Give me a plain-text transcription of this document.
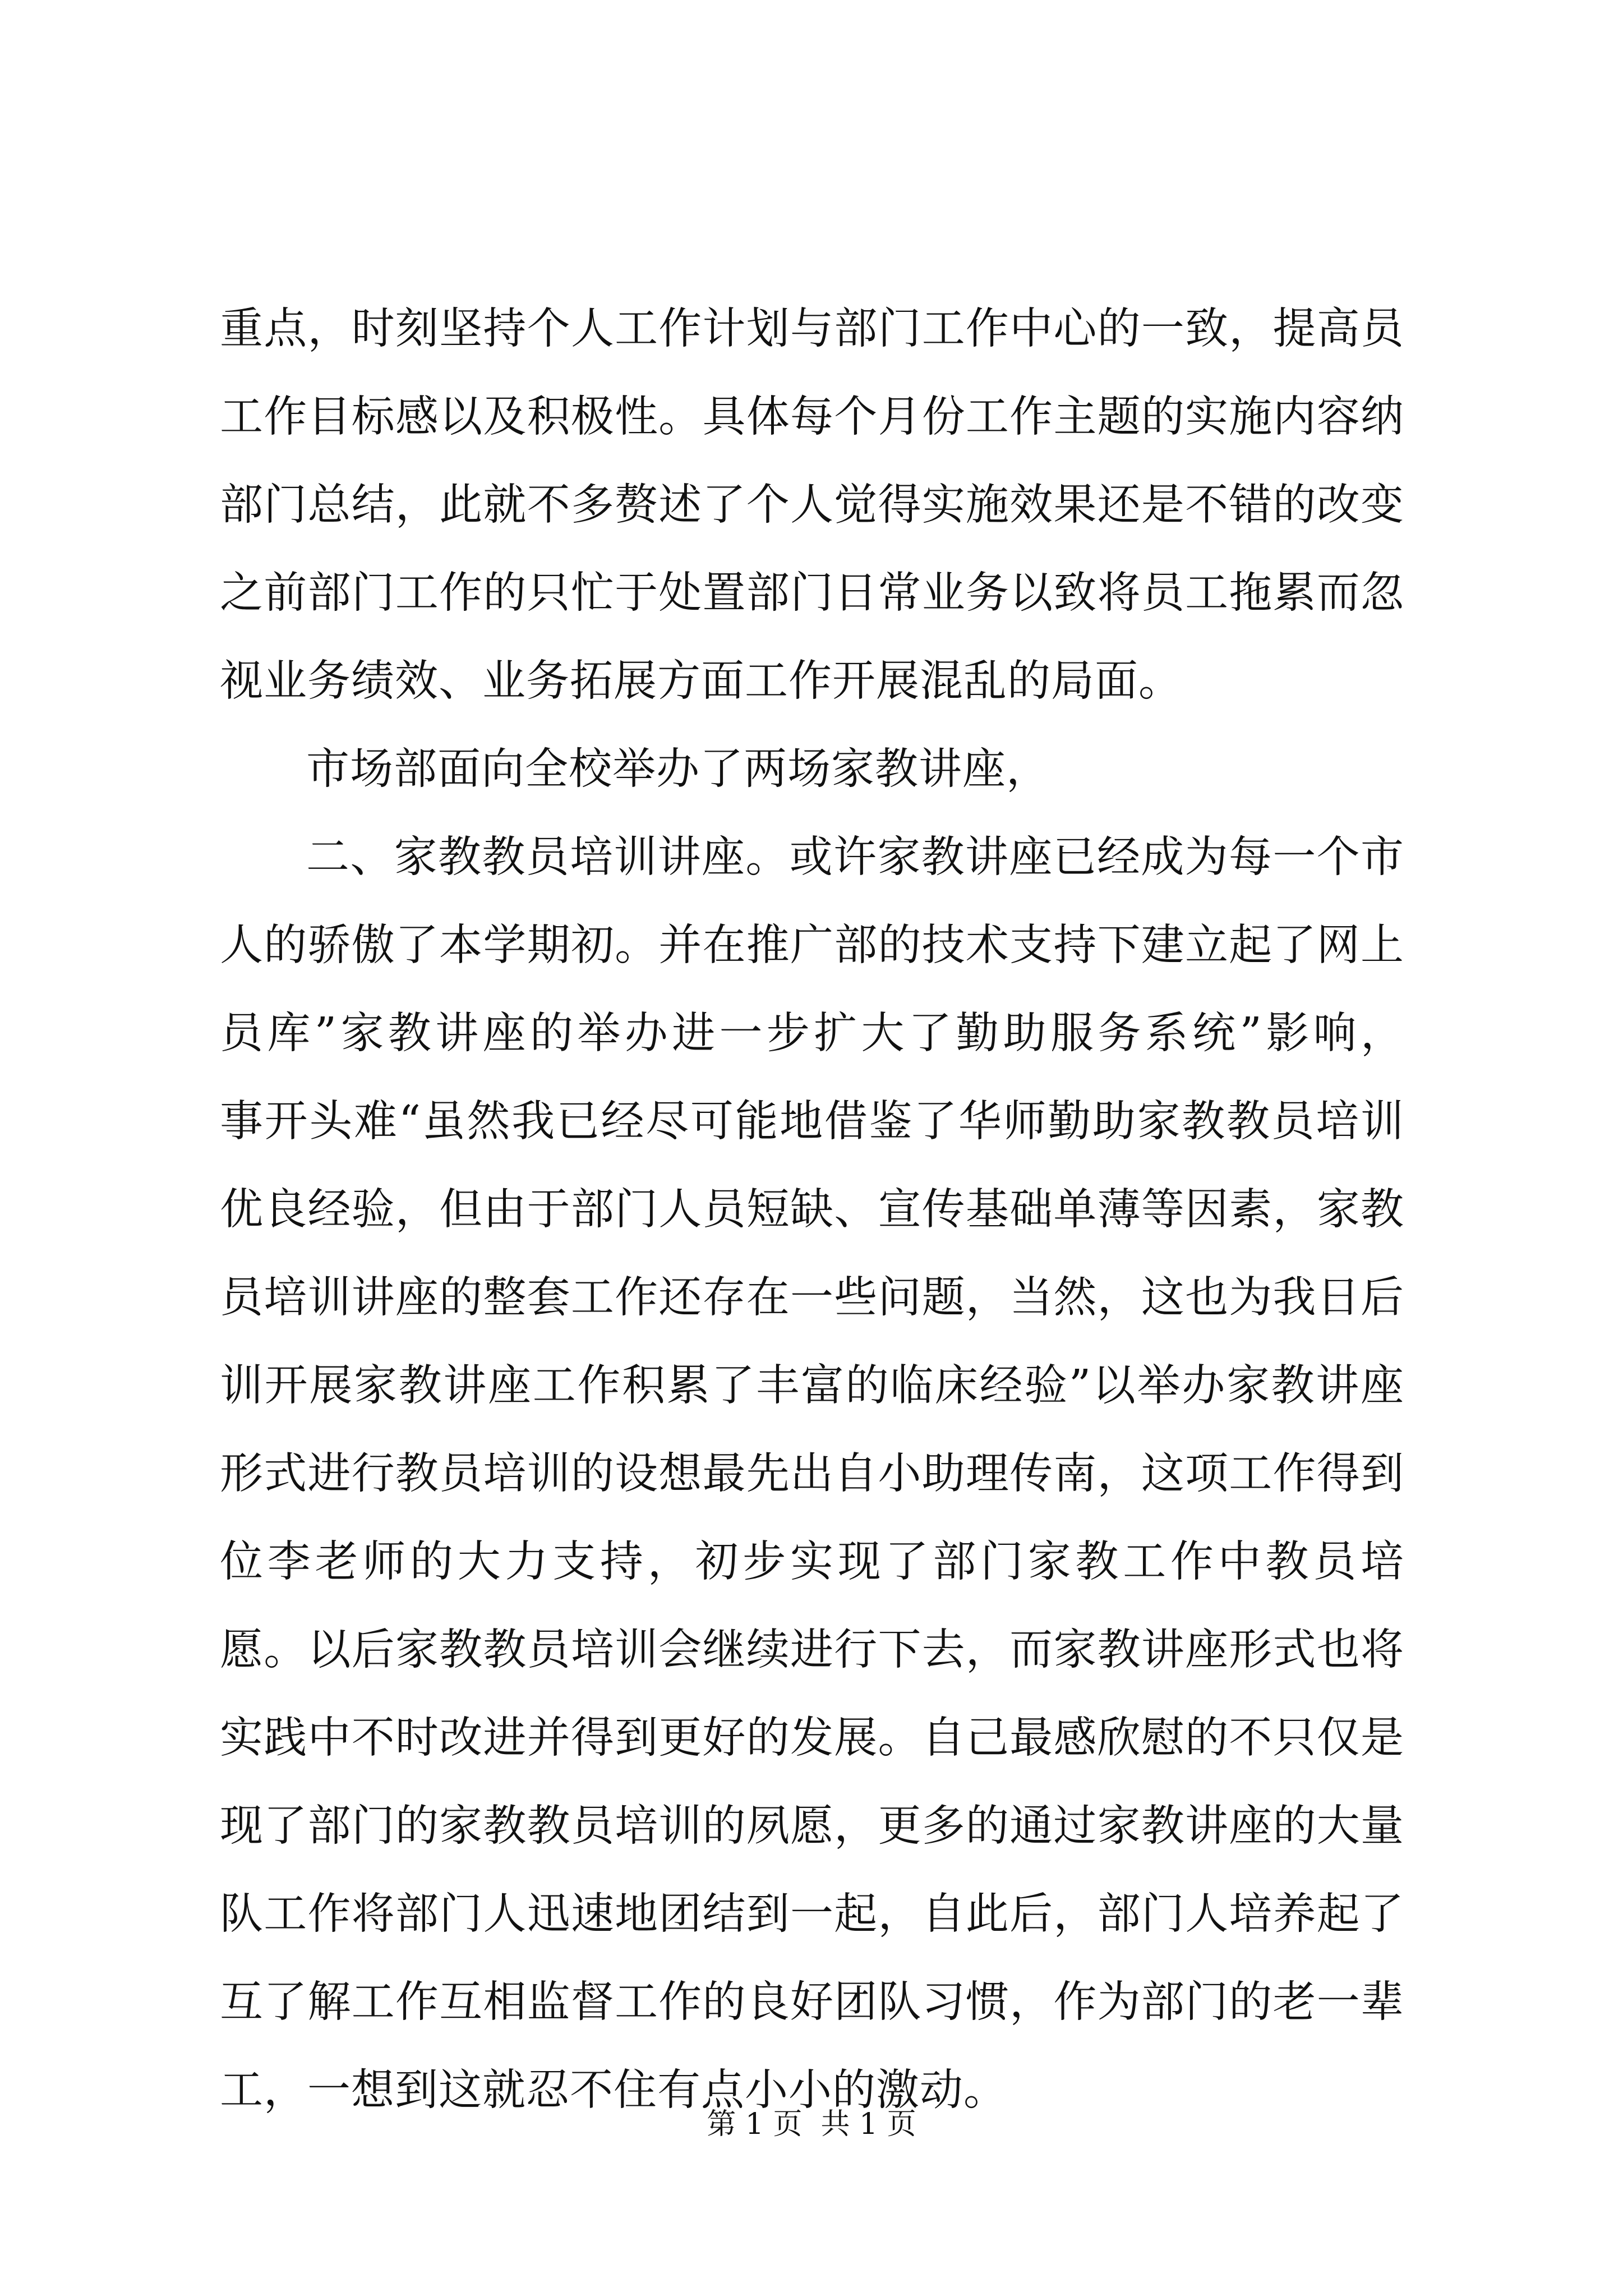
重点，时刻坚持个人工作计划与部门工作中心的一致，提高员
工作目标感以及积极性。具体每个月份工作主题的实施内容纳
部门总结，此就不多赘述了个人觉得实施效果还是不错的改变
之前部门工作的只忙于处置部门日常业务以致将员工拖累而忽
视业务绩效、业务拓展方面工作开展混乱的局面。
市场部面向全校举办了两场家教讲座，
二、家教教员培训讲座。或许家教讲座已经成为每一个市
人的骄傲了本学期初。并在推广部的技术支持下建立起了网上
员库”家教讲座的举办进一步扩大了勤助服务系统”影响，
事开头难“虽然我已经尽可能地借鉴了华师勤助家教教员培训
优良经验，但由于部门人员短缺、宣传基础单薄等因素，家教
员培训讲座的整套工作还存在一些问题，当然，这也为我日后
训开展家教讲座工作积累了丰富的临床经验”以举办家教讲座
形式进行教员培训的设想最先出自小助理传南，这项工作得到
位李老师的大力支持，初步实现了部门家教工作中教员培
愿。以后家教教员培训会继续进行下去，而家教讲座形式也将
实践中不时改进并得到更好的发展。自己最感欣慰的不只仅是
现了部门的家教教员培训的夙愿，更多的通过家教讲座的大量
队工作将部门人迅速地团结到一起，自此后，部门人培养起了
互了解工作互相监督工作的良好团队习惯，作为部门的老一辈
工，一想到这就忍不住有点小小的激动。
第 1 页  共 1 页
